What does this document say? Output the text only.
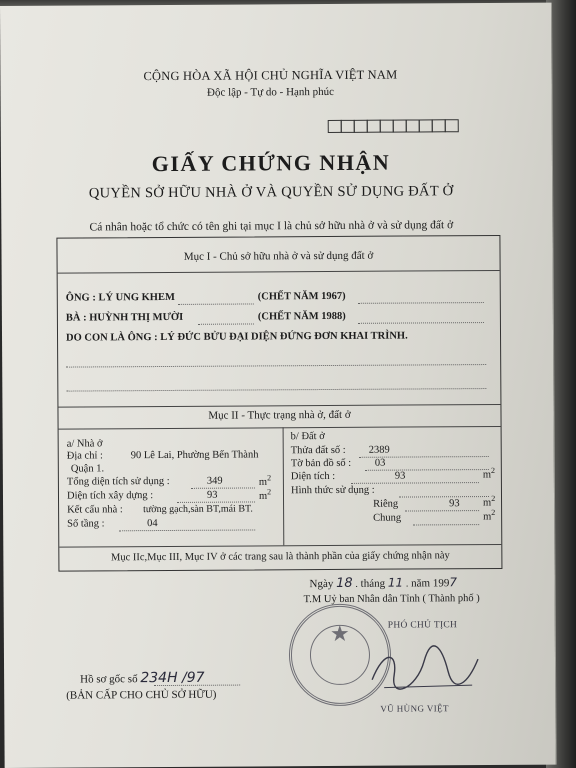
CỘNG HÒA XÃ HỘI CHỦ NGHĨA VIỆT NAM
Độc lập - Tự do - Hạnh phúc
GIẤY CHỨNG NHẬN
QUYỀN SỞ HỮU NHÀ Ở VÀ QUYỀN SỬ DỤNG ĐẤT Ở
Cá nhân hoặc tổ chức có tên ghi tại mục I là chủ sở hữu nhà ở và sử dụng đất ở
Mục I - Chủ sở hữu nhà ở và sử dụng đất ở
ÔNG : LÝ UNG KHEM	(CHẾT NĂM 1967)
BÀ : HUỲNH THỊ MƯỜI	(CHẾT NĂM 1988)
DO CON LÀ ÔNG : LÝ ĐỨC BỬU ĐẠI DIỆN ĐỨNG ĐƠN KHAI TRÌNH.
Mục II - Thực trạng nhà ở, đất ở
a/ Nhà ở
Địa chỉ :	90 Lê Lai, Phường Bến Thành
Quận 1.
Tổng diện tích sử dụng :	349	$m^2$
Diện tích xây dựng :	93	$m^2$
Kết cấu nhà : tường gạch,sàn BT,mái BT.
Số tầng :	04
b/ Đất ở
Thửa đất số : 2389
Tờ bản đồ số : 03
Diện tích :	93	$m^2$
Hình thức sử dụng :
Riêng	93 $m^2$
Chung	$m^2$
Mục IIc,Mục III, Mục IV ở các trang sau là thành phần của giấy chứng nhận này
Ngày 18 . tháng 11 . năm 1997
T.M Uỷ ban Nhân dân Tỉnh ( Thành phố )
PHÓ CHỦ TỊCH
★
VŨ HÙNG VIỆT
Hồ sơ gốc số 234H /97
(BẢN CẤP CHO CHỦ SỞ HỮU)
